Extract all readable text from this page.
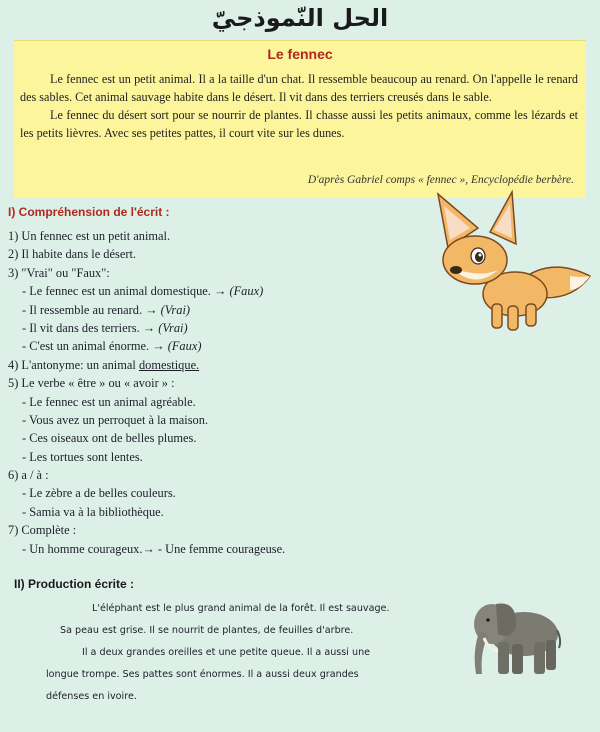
الحل النّموذجيّ
Le fennec

Le fennec est un petit animal. Il a la taille d'un chat. Il ressemble beaucoup au renard. On l'appelle le renard des sables. Cet animal sauvage habite dans le désert. Il vit dans des terriers creusés dans le sable.

Le fennec du désert sort pour se nourrir de plantes. Il chasse aussi les petits animaux, comme les lézards et les petits lièvres. Avec ses petites pattes, il court vite sur les dunes.

D'après Gabriel comps « fennec », Encyclopédie berbère.
I) Compréhension de l'écrit :
1) Un fennec est un petit animal.
2) Il habite dans le désert.
3) "Vrai" ou "Faux":
- Le fennec est un animal domestique. → (Faux)
- Il ressemble au renard. → (Vrai)
- Il vit dans des terriers. → (Vrai)
- C'est un animal énorme. → (Faux)
4) L'antonyme: un animal domestique.
5) Le verbe « être » ou « avoir » :
- Le fennec est un animal agréable.
- Vous avez un perroquet à la maison.
- Ces oiseaux ont de belles plumes.
- Les tortues sont lentes.
6) a / à :
- Le zèbre a de belles couleurs.
- Samia va à la bibliothèque.
7) Complète :
- Un homme courageux.→ - Une femme courageuse.
II) Production écrite :
L'éléphant est le plus grand animal de la forêt. Il est sauvage.
Sa peau est grise. Il se nourrit de plantes, de feuilles d'arbre.
Il a deux grandes oreilles et une petite queue. Il a aussi une
longue trompe. Ses pattes sont énormes. Il a aussi deux grandes
défenses en ivoire.
